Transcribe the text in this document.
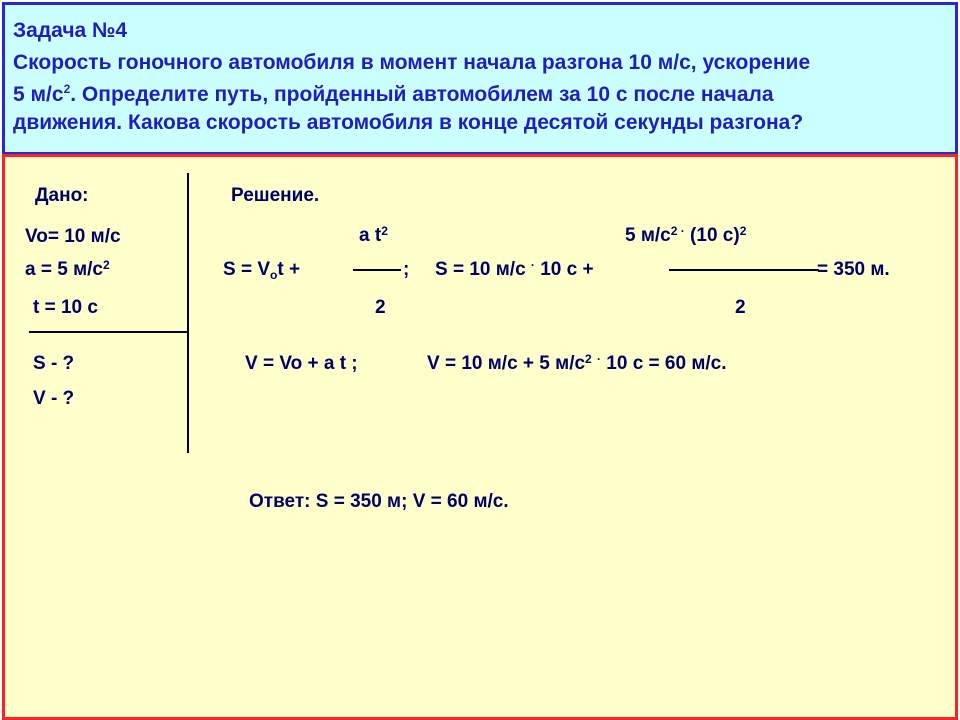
Задача №4
Скорость гоночного автомобиля в момент начала разгона 10 м/с, ускорение
5 $м/с^2$. Определите путь, пройденный автомобилем за 10 с после начала
движения. Какова скорость автомобиля в конце десятой секунды разгона?
Дано:
Vo= 10 м/с
a = 5 $м/с^2$
t = 10 с
S - ?
V - ?
Решение.
a $t^2$
$S = V_ot$ +	;
2
5 $м/с^{2 \cdot}$ (10 с)$^2$
S = 10 м/с · 10 с +	= 350 м.
2
V = Vo + a t ;	V = 10 м/с + 5 $м/с^2$ · 10 с = 60 м/с.
Ответ: S = 350 м; V = 60 м/с.
